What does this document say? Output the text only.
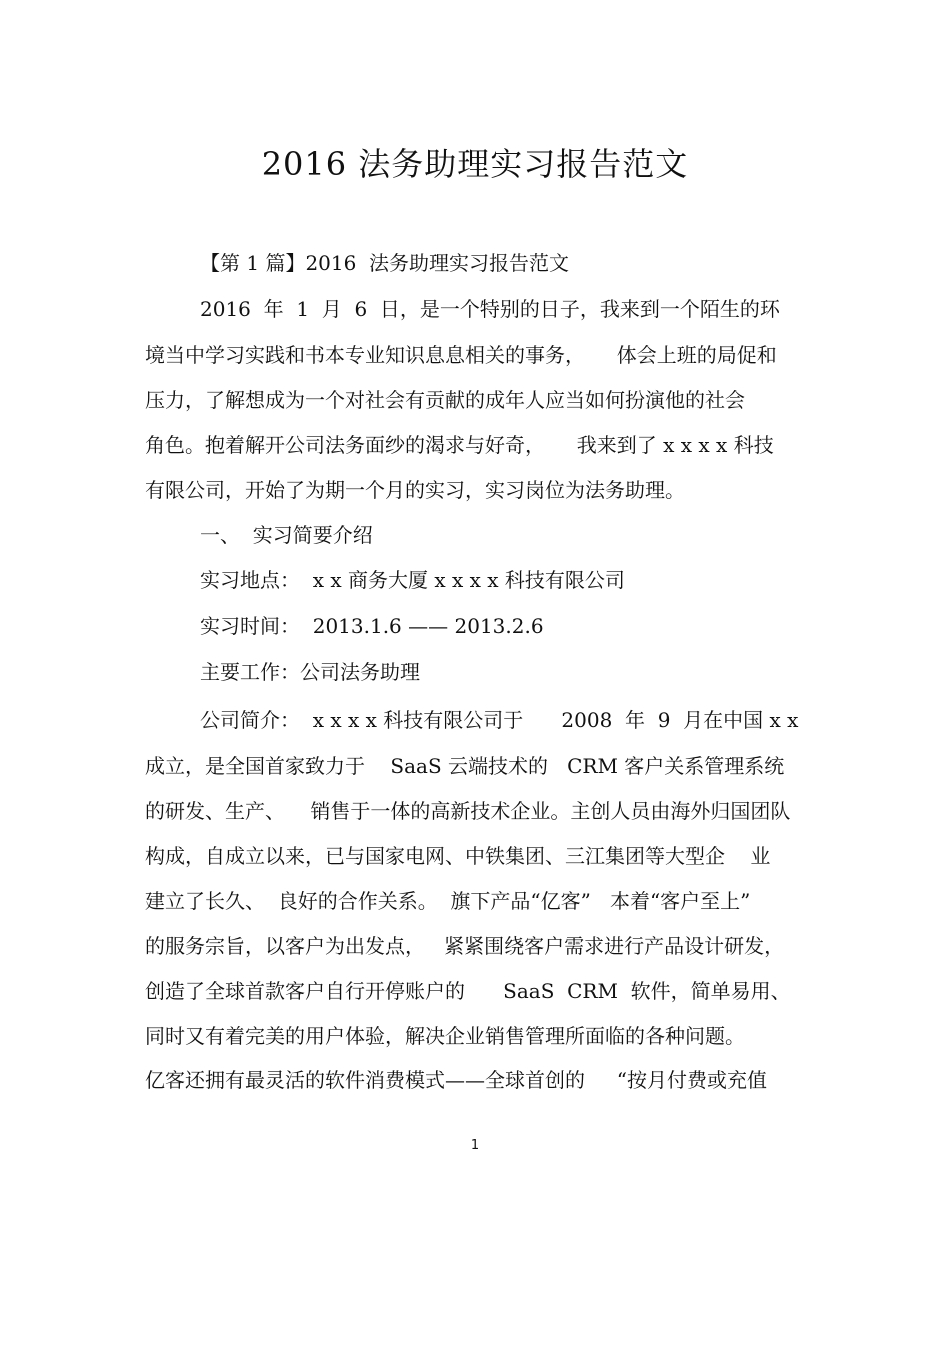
2016 法务助理实习报告范文
【第 1 篇】2016  法务助理实习报告范文
2016  年  1  月  6  日，是一个特别的日子，我来到一个陌生的环
境当中学习实践和书本专业知识息息相关的事务，     体会上班的局促和
压力，了解想成为一个对社会有贡献的成年人应当如何扮演他的社会
角色。抱着解开公司法务面纱的渴求与好奇，     我来到了 x x x x 科技
有限公司，开始了为期一个月的实习，实习岗位为法务助理。
一、  实习简要介绍
实习地点：  x x 商务大厦 x x x x 科技有限公司
实习时间：  2013.1.6 —— 2013.2.6
主要工作：公司法务助理
公司简介：  x x x x 科技有限公司于      2008  年  9  月在中国 x x
成立，是全国首家致力于    SaaS 云端技术的   CRM 客户关系管理系统
的研发、生产、    销售于一体的高新技术企业。主创人员由海外归国团队
构成，自成立以来，已与国家电网、中铁集团、三江集团等大型企    业
建立了长久、  良好的合作关系。  旗下产品“亿客”   本着“客户至上”
的服务宗旨，以客户为出发点，   紧紧围绕客户需求进行产品设计研发，
创造了全球首款客户自行开停账户的      SaaS  CRM  软件，简单易用、
同时又有着完美的用户体验，解决企业销售管理所面临的各种问题。
亿客还拥有最灵活的软件消费模式——全球首创的     “按月付费或充值
1
